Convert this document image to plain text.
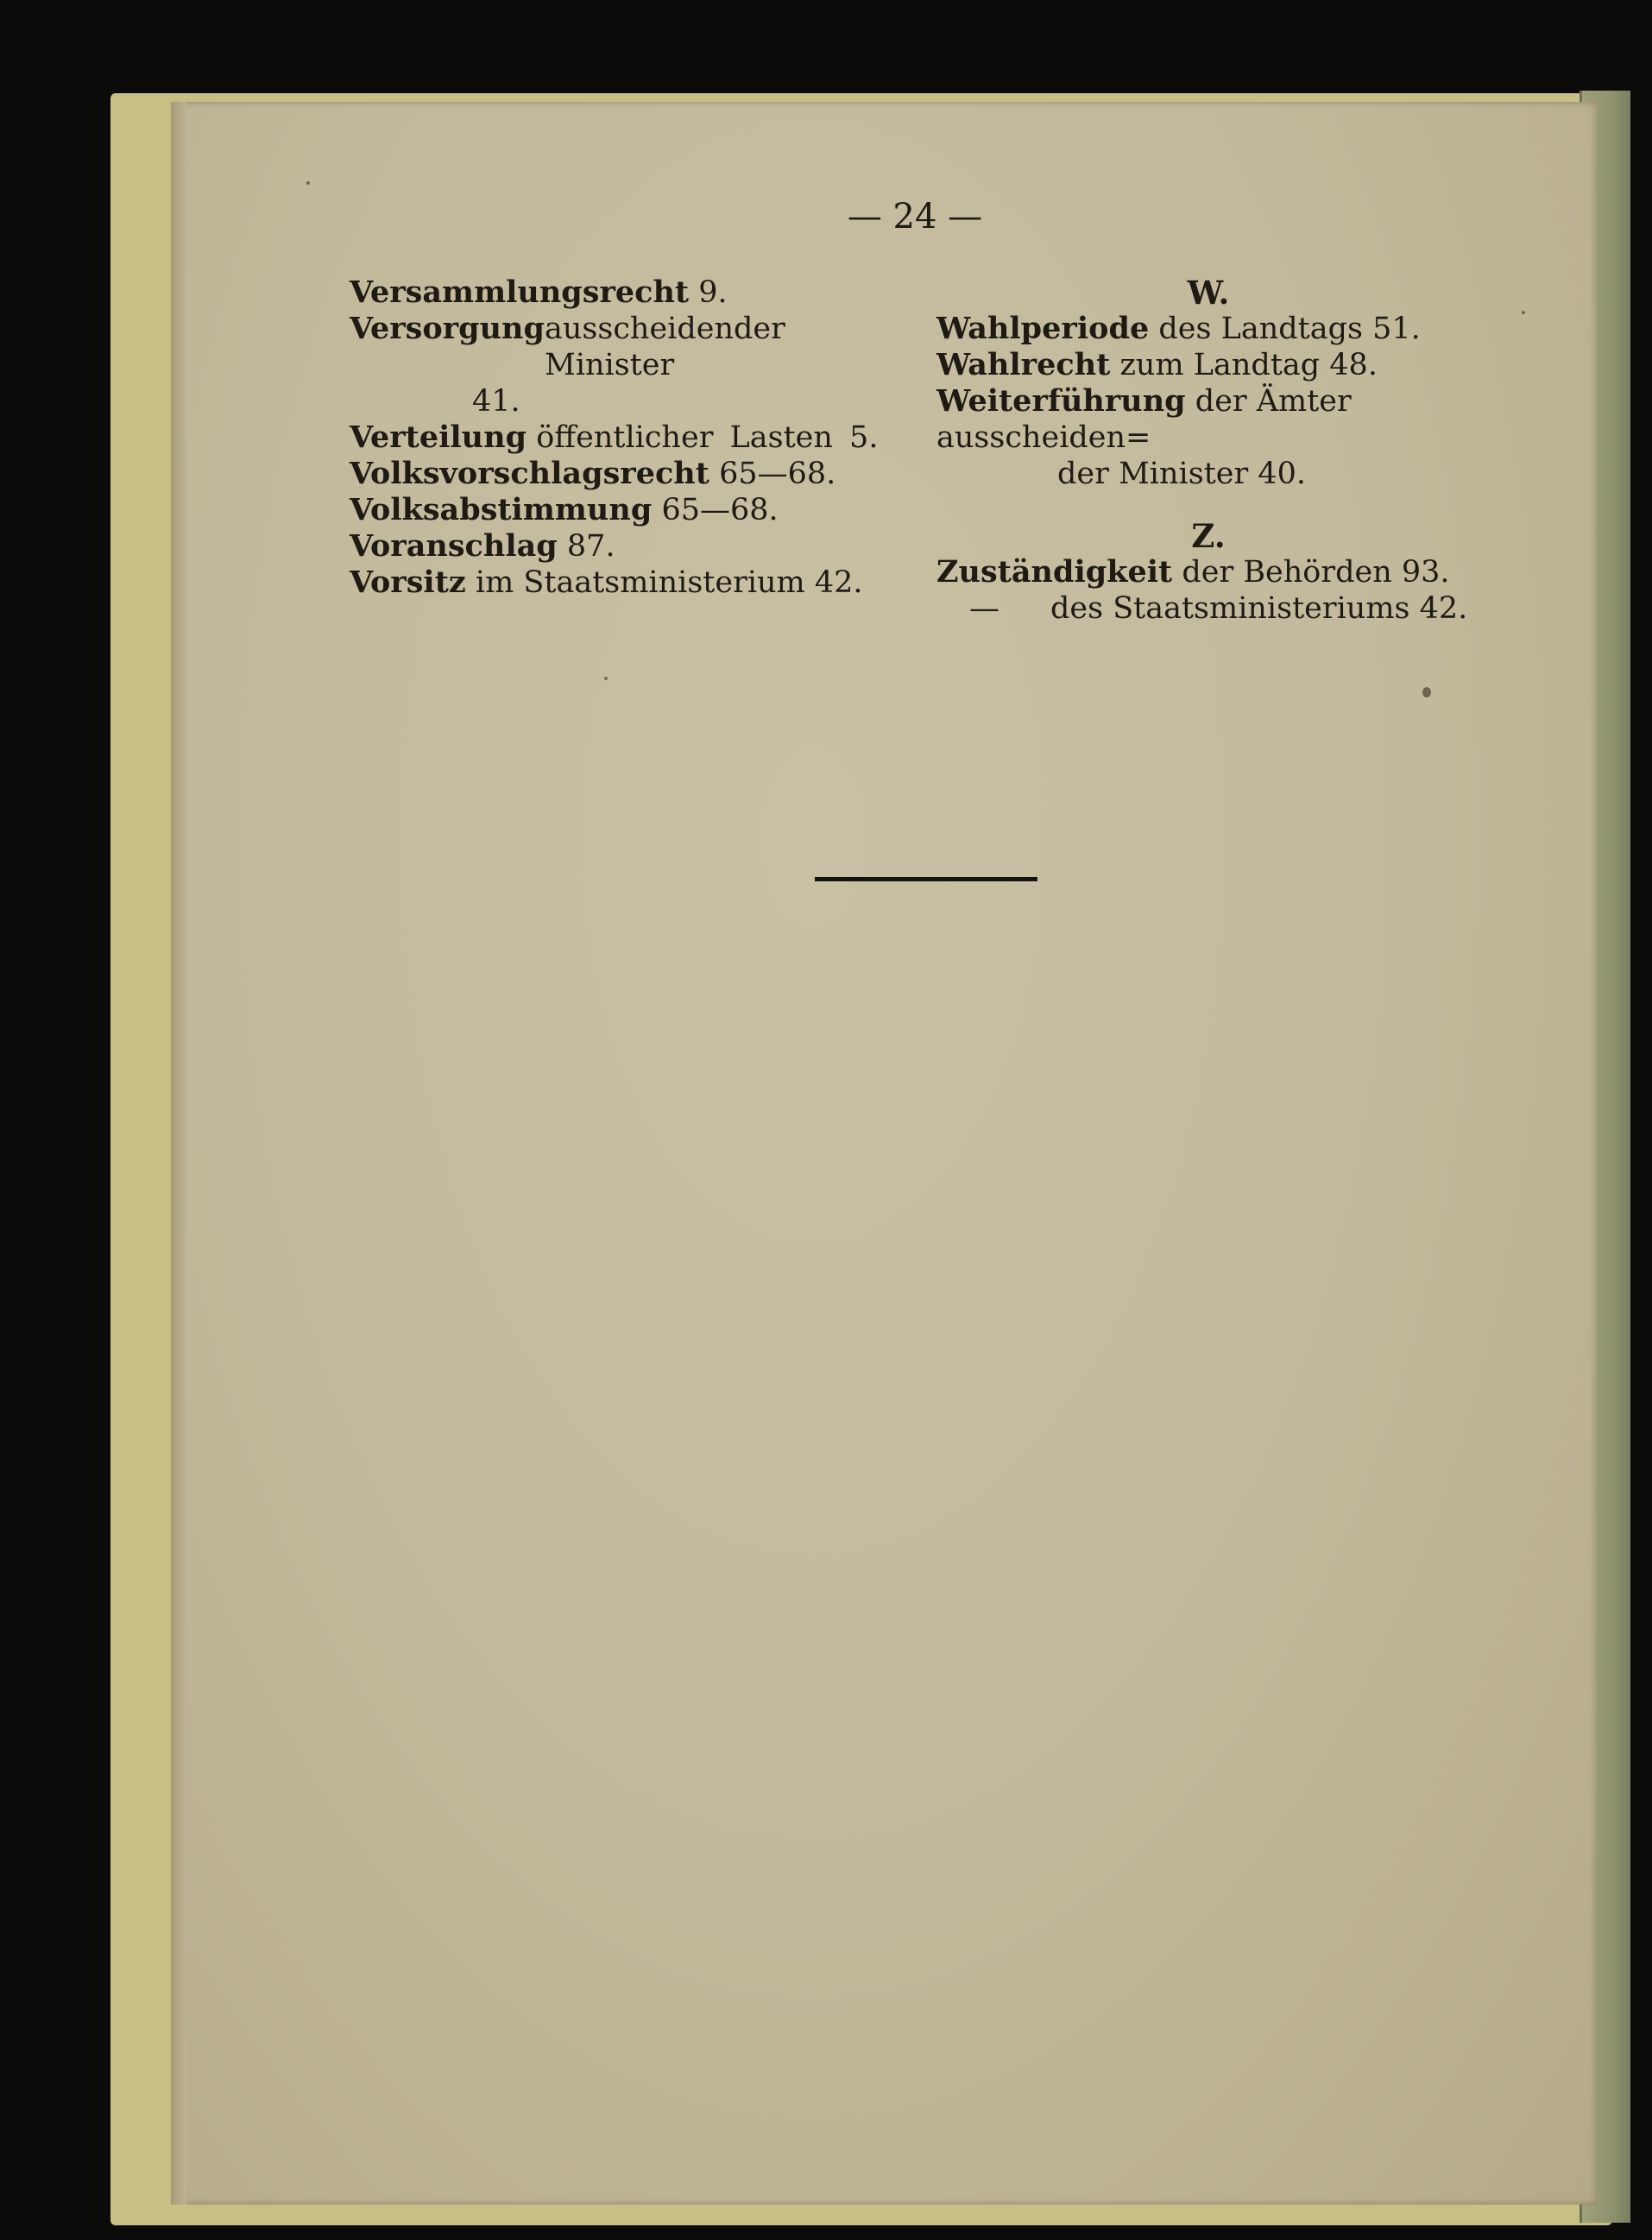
— 24 —

Versammlungsrecht 9.
Versorgung ausscheidender Minister
41.
Verteilung öffentlicher Lasten 5.
Volksvorschlagsrecht 65—68.
Volksabstimmung 65—68.
Voranschlag 87.
Vorsitz im Staatsministerium 42.
W.
Wahlperiode des Landtags 51.
Wahlrecht zum Landtag 48.
Weiterführung der Ämter ausscheiden=
der Minister 40.
Z.
Zuständigkeit der Behörden 93.
— des Staatsministeriums 42.
